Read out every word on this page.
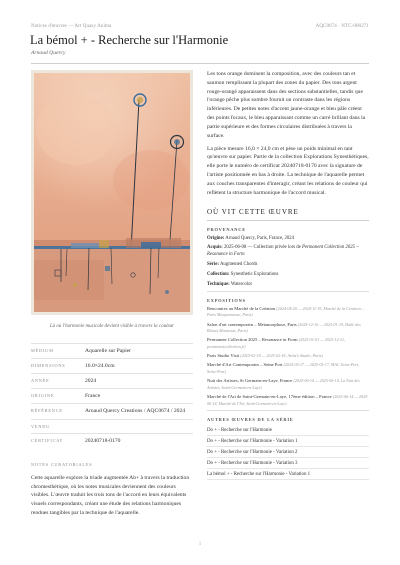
Notices d'œuvres — Art Quasy Anima	AQC0674 · NTC-000271
La bémol + - Recherche sur l'Harmonie
Arnaud Quercy
Là où l'harmonie musicale devient visible à travers la couleur
MÉDIUM	Aquarelle sur Papier
DIMENSIONS	16.0×24.0cm
ANNÉE	2024
ORIGINE	France
RÉFÉRENCE	Arnaud Quercy Creations / AQC0674 / 2024
VENDU
CERTIFICAT	20240718-0170
NOTES CURATORIALES
Cette aquarelle explore la triade augmentée Ab+ à travers la traduction chromesthétique, où les notes musicales deviennent des couleurs visibles. L'œuvre traduit les trois tons de l'accord en leurs équivalents visuels correspondants, créant une étude des relations harmoniques rendues tangibles par la technique de l'aquarelle.

Les tons orange dominent la composition, avec des couleurs tan et saumon remplissant la plupart des zones du papier. Des tons argent rouge-orangé apparaissent dans des sections substantielles, tandis que l'orange pêche plus sombre fournit un contraste dans les régions inférieures. De petites notes d'accent jaune-orange et bleu pâle créent des points focaux, le bleu apparaissant comme un carré brillant dans la partie supérieure et des formes circulaires distribuées à travers la surface.

La pièce mesure 16,0 × 24,0 cm et pèse un poids minimal en tant qu'œuvre sur papier. Partie de la collection Explorations Synesthétiques, elle porte le numéro de certificat 20240718-0170 avec la signature de l'artiste positionnée en bas à droite. La technique de l'aquarelle permet aux couches transparentes d'interagir, créant les relations de couleur qui reflètent la structure harmonique de l'accord musical.

OÙ VIT CETTE ŒUVRE
PROVENANCE

Origine: Arnaud Quercy, Paris, France, 2024

Acquis: 2025-06-08 — Collection privée lors de Permanent Collection 2025 – Resonance in Form

Série: Augmented Chords

Collection: Synesthetic Explorations

Technique: Watercolor

EXPOSITIONS

Rencontres au Marché de la Création (2024-04-20 — 2024-11-19, Marché de la Création – Paris Montparnasse, Paris)

Salon d'art contemporain – Metamorphose, Paris (2024-12-16 — 2025-01-19, Halle des Blancs Manteaux, Paris)

Permanent Collection 2025 – Resonance in Form (2025-01-01 — 2025-12-31, permanentcollection.fr)

Paris Studio Visit (2025-02-18 — 2025-02-18, Artist's Studio, Paris)

Marché d'Art Contemporain – Seine Port (2025-05-17 — 2025-05-17, MAC Seine-Port, Seine-Port)

Nuit des Artistes, St Germain-en-Laye, France (2025-06-14 — 2025-06-14, La Nuit des Artistes, Saint-Germain-en-Laye)

Marché de l'Art de Saint-Germain-en-Laye, 17ème édition – France (2025-06-14 — 2025-06-14, Marché de l'Art, Saint-Germain-en-Laye)

AUTRES ŒUVRES DE LA SÉRIE
Do + - Recherche sur l'Harmonie
Do + - Recherche sur l'Harmonie - Variation 1
Do + - Recherche sur l'Harmonie - Variation 2
Do + - Recherche sur l'Harmonie - Variation 3
La bémol + - Recherche sur l'Harmonie - Variation 1
1
